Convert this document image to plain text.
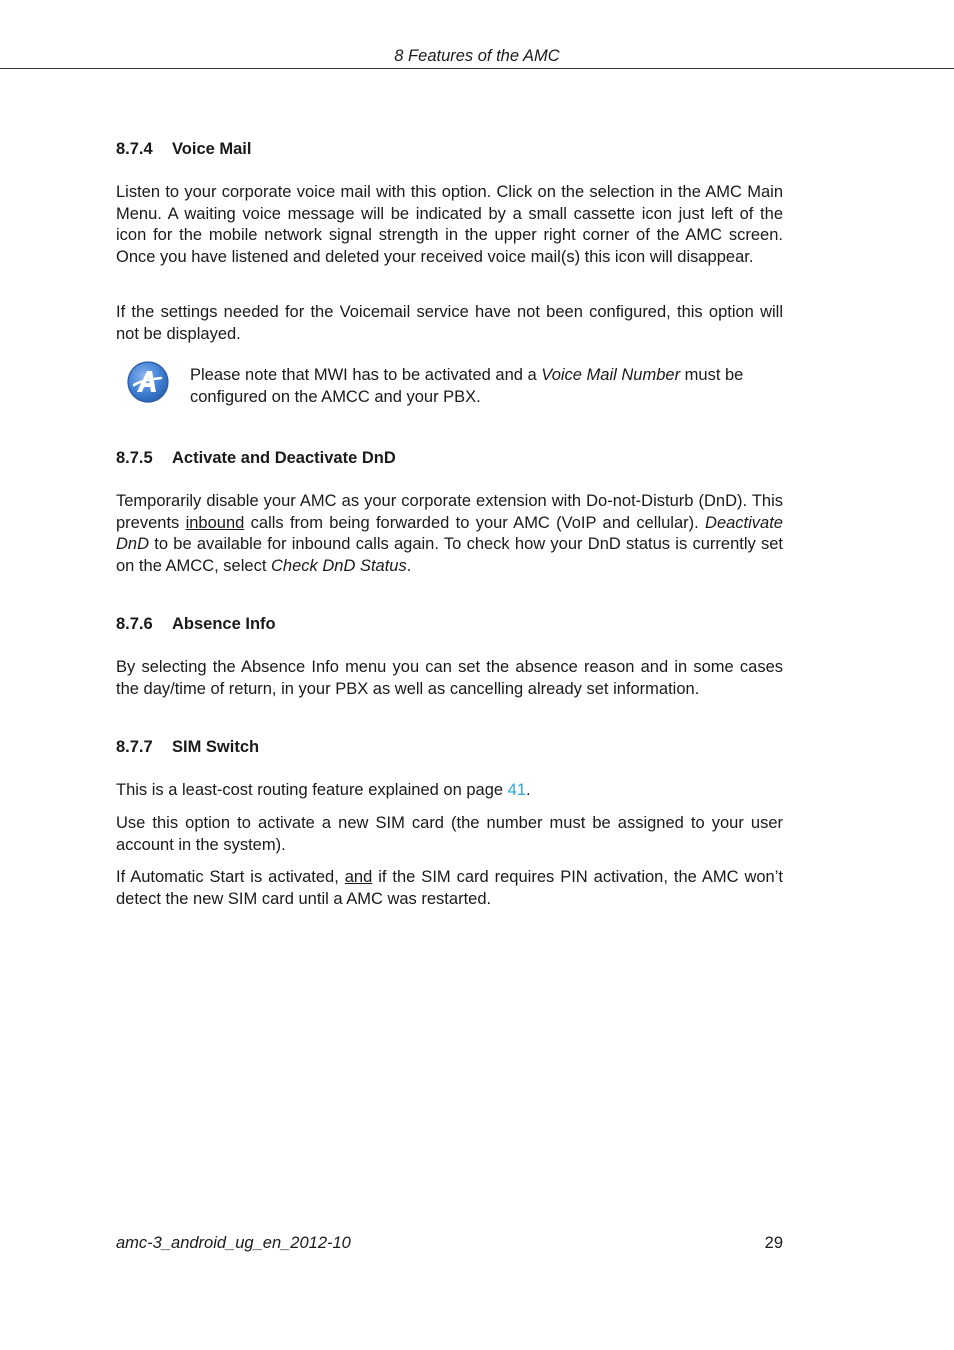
8 Features of the AMC
8.7.4 Voice Mail

Listen to your corporate voice mail with this option. Click on the selection in the AMC Main Menu. A waiting voice message will be indicated by a small cassette icon just left of the icon for the mobile network signal strength in the upper right corner of the AMC screen. Once you have listened and deleted your received voice mail(s) this icon will disappear.

If the settings needed for the Voicemail service have not been configured, this option will not be displayed.

Please note that MWI has to be activated and a Voice Mail Number must be configured on the AMCC and your PBX.

8.7.5 Activate and Deactivate DnD

Temporarily disable your AMC as your corporate extension with Do-not-Disturb (DnD). This prevents inbound calls from being forwarded to your AMC (VoIP and cellular). Deactivate DnD to be available for inbound calls again. To check how your DnD status is currently set on the AMCC, select Check DnD Status.

8.7.6 Absence Info

By selecting the Absence Info menu you can set the absence reason and in some cases the day/time of return, in your PBX as well as cancelling already set information.

8.7.7 SIM Switch

This is a least-cost routing feature explained on page 41.

Use this option to activate a new SIM card (the number must be assigned to your user account in the system).

If Automatic Start is activated, and if the SIM card requires PIN activation, the AMC won’t detect the new SIM card until a AMC was restarted.

amc-3_android_ug_en_2012-10	29
